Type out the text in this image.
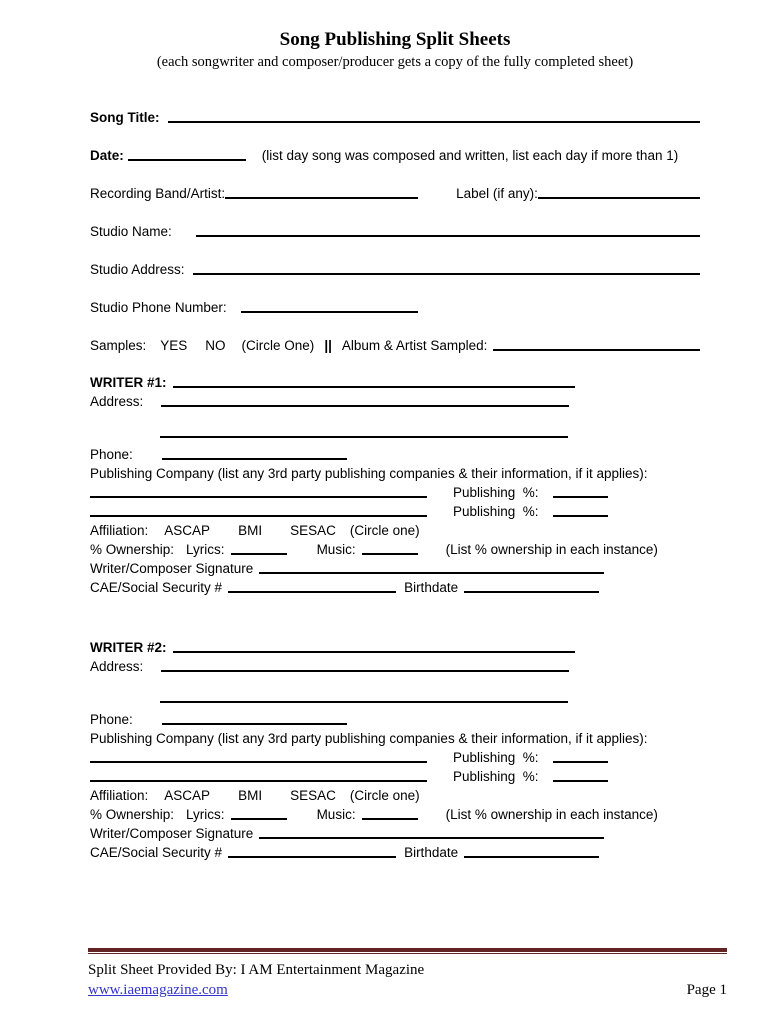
Song Publishing Split Sheets
(each songwriter and composer/producer gets a copy of the fully completed sheet)
Song Title:
Date:	(list day song was composed and written, list each day if more than 1)
Recording Band/Artist:	Label (if any):
Studio Name:
Studio Address:
Studio Phone Number:
Samples: YES NO (Circle One) || Album & Artist Sampled:
WRITER #1:
Address:
Phone:
Publishing Company (list any 3rd party publishing companies & their information, if it applies):
Publishing  %:
Publishing  %:
Affiliation: ASCAP BMI SESAC (Circle one)
% Ownership: Lyrics:	Music:	(List % ownership in each instance)
Writer/Composer Signature
CAE/Social Security #	Birthdate
WRITER #2:
Address:
Phone:
Publishing Company (list any 3rd party publishing companies & their information, if it applies):
Publishing  %:
Publishing  %:
Affiliation: ASCAP BMI SESAC (Circle one)
% Ownership: Lyrics:	Music:	(List % ownership in each instance)
Writer/Composer Signature
CAE/Social Security #	Birthdate
Split Sheet Provided By: I AM Entertainment Magazine
www.iaemagazine.com	Page 1
